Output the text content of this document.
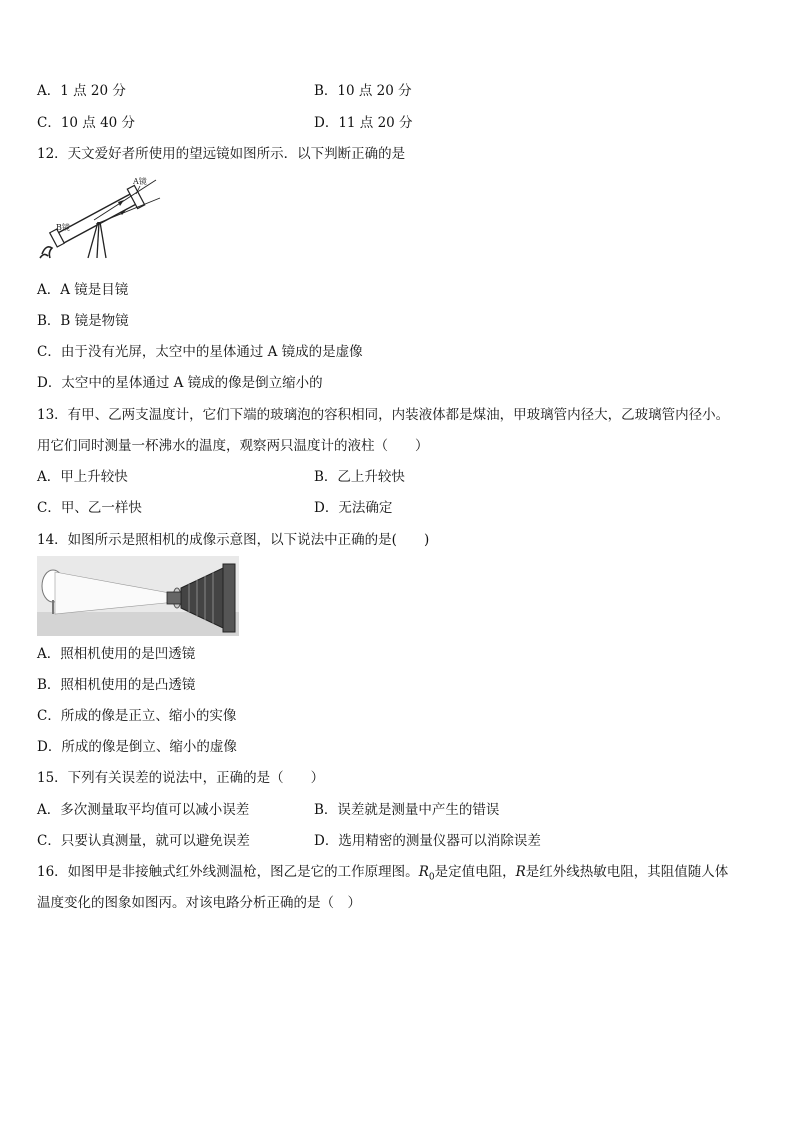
A．1 点 20 分	B．10 点 20 分
C．10 点 40 分	D．11 点 20 分
12．天文爱好者所使用的望远镜如图所示．以下判断正确的是
A镜
B镜
A．A 镜是目镜
B．B 镜是物镜
C．由于没有光屏，太空中的星体通过 A 镜成的是虚像
D．太空中的星体通过 A 镜成的像是倒立缩小的
13．有甲、乙两支温度计，它们下端的玻璃泡的容积相同，内装液体都是煤油，甲玻璃管内径大，乙玻璃管内径小。
用它们同时测量一杯沸水的温度，观察两只温度计的液柱（　　）
A．甲上升较快	B．乙上升较快
C．甲、乙一样快	D．无法确定
14．如图所示是照相机的成像示意图，以下说法中正确的是(　　)
A．照相机使用的是凹透镜
B．照相机使用的是凸透镜
C．所成的像是正立、缩小的实像
D．所成的像是倒立、缩小的虚像
15．下列有关误差的说法中，正确的是（　　）
A．多次测量取平均值可以减小误差	B．误差就是测量中产生的错误
C．只要认真测量，就可以避免误差	D．选用精密的测量仪器可以消除误差
16．如图甲是非接触式红外线测温枪，图乙是它的工作原理图。$R_0$是定值电阻，R是红外线热敏电阻，其阻值随人体
温度变化的图象如图丙。对该电路分析正确的是（　）
